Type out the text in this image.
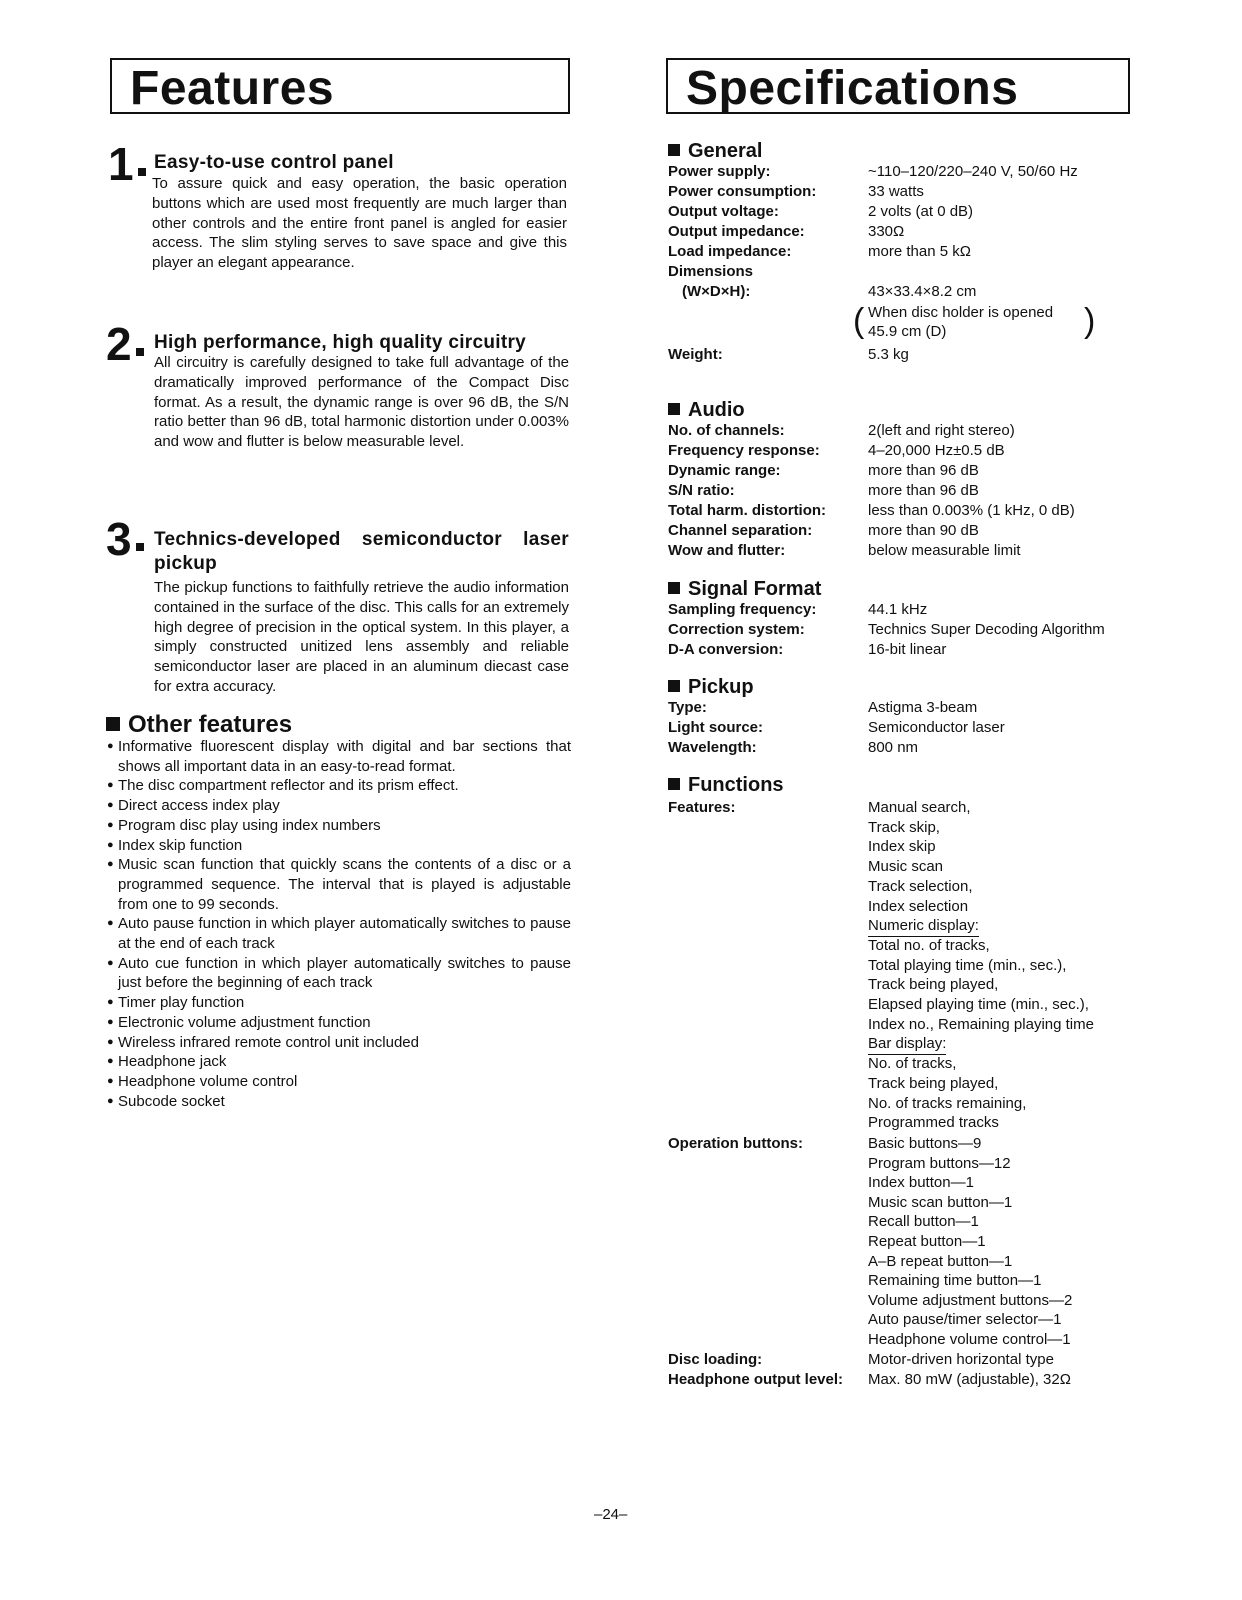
Features
1	Easy-to-use control panel
To assure quick and easy operation, the basic operation buttons which are used most frequently are much larger than other controls and the entire front panel is angled for easier access. The slim styling serves to save space and give this player an elegant appearance.
2	High performance, high quality circuitry
All circuitry is carefully designed to take full advantage of the dramatically improved performance of the Compact Disc format. As a result, the dynamic range is over 96 dB, the S/N ratio better than 96 dB, total harmonic distortion under 0.003% and wow and flutter is below measurable level.
3	Technics-developed semiconductor laser pickup
The pickup functions to faithfully retrieve the audio information contained in the surface of the disc. This calls for an extremely high degree of precision in the optical system. In this player, a simply constructed unitized lens assembly and reliable semiconductor laser are placed in an aluminum diecast case for extra accuracy.
Other features
● Informative fluorescent display with digital and bar sections that shows all important data in an easy-to-read format.
● The disc compartment reflector and its prism effect.
● Direct access index play
● Program disc play using index numbers
● Index skip function
● Music scan function that quickly scans the contents of a disc or a programmed sequence. The interval that is played is adjustable from one to 99 seconds.
● Auto pause function in which player automatically switches to pause at the end of each track
● Auto cue function in which player automatically switches to pause just before the beginning of each track
● Timer play function
● Electronic volume adjustment function
● Wireless infrared remote control unit included
● Headphone jack
● Headphone volume control
● Subcode socket
Specifications
General
Power supply:	~110–120/220–240 V, 50/60 Hz
Power consumption:	33 watts
Output voltage:	2 volts (at 0 dB)
Output impedance:	330Ω
Load impedance:	more than 5 kΩ
Dimensions
(W×D×H):	43×33.4×8.2 cm
( When disc holder is opened
45.9 cm (D)	)
Weight:	5.3 kg
Audio
No. of channels:	2(left and right stereo)
Frequency response:	4–20,000 Hz±0.5 dB
Dynamic range:	more than 96 dB
S/N ratio:	more than 96 dB
Total harm. distortion:	less than 0.003% (1 kHz, 0 dB)
Channel separation:	more than 90 dB
Wow and flutter:	below measurable limit
Signal Format
Sampling frequency:	44.1 kHz
Correction system:	Technics Super Decoding Algorithm
D-A conversion:	16-bit linear
Pickup
Type:	Astigma 3-beam
Light source:	Semiconductor laser
Wavelength:	800 nm
Functions
Features:	Manual search,
Track skip,
Index skip
Music scan
Track selection,
Index selection
Numeric display:
Total no. of tracks,
Total playing time (min., sec.),
Track being played,
Elapsed playing time (min., sec.),
Index no., Remaining playing time
Bar display:
No. of tracks,
Track being played,
No. of tracks remaining,
Programmed tracks
Operation buttons:	Basic buttons—9
Program buttons—12
Index button—1
Music scan button—1
Recall button—1
Repeat button—1
A–B repeat button—1
Remaining time button—1
Volume adjustment buttons—2
Auto pause/timer selector—1
Headphone volume control—1
Disc loading:	Motor-driven horizontal type
Headphone output level: Max. 80 mW (adjustable), 32Ω
–24–
